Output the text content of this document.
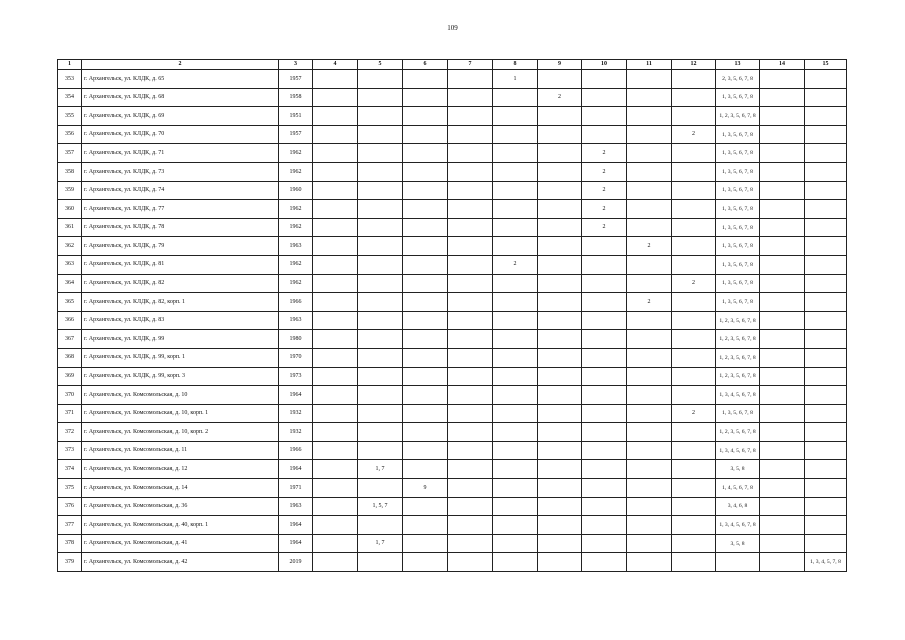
109
1	2	3	4	5	6	7	8	9	10	11	12	13	14	15
353	г. Архангельск, ул. КЛДК, д. 65	1957					1					2, 3, 5, 6, 7, 8		
354	г. Архангельск, ул. КЛДК, д. 68	1958						2				1, 3, 5, 6, 7, 8		
355	г. Архангельск, ул. КЛДК, д. 69	1951										1, 2, 3, 5, 6, 7, 8		
356	г. Архангельск, ул. КЛДК, д. 70	1957									2	1, 3, 5, 6, 7, 8		
357	г. Архангельск, ул. КЛДК, д. 71	1962							2			1, 3, 5, 6, 7, 8		
358	г. Архангельск, ул. КЛДК, д. 73	1962							2			1, 3, 5, 6, 7, 8		
359	г. Архангельск, ул. КЛДК, д. 74	1960							2			1, 3, 5, 6, 7, 8		
360	г. Архангельск, ул. КЛДК, д. 77	1962							2			1, 3, 5, 6, 7, 8		
361	г. Архангельск, ул. КЛДК, д. 78	1962							2			1, 3, 5, 6, 7, 8		
362	г. Архангельск, ул. КЛДК, д. 79	1963								2		1, 3, 5, 6, 7, 8		
363	г. Архангельск, ул. КЛДК, д. 81	1962					2					1, 3, 5, 6, 7, 8		
364	г. Архангельск, ул. КЛДК, д. 82	1962									2	1, 3, 5, 6, 7, 8		
365	г. Архангельск, ул. КЛДК, д. 82, корп. 1	1966								2		1, 3, 5, 6, 7, 8		
366	г. Архангельск, ул. КЛДК, д. 83	1963										1, 2, 3, 5, 6, 7, 8		
367	г. Архангельск, ул. КЛДК, д. 99	1980										1, 2, 3, 5, 6, 7, 8		
368	г. Архангельск, ул. КЛДК, д. 99, корп. 1	1970										1, 2, 3, 5, 6, 7, 8		
369	г. Архангельск, ул. КЛДК, д. 99, корп. 3	1973										1, 2, 3, 5, 6, 7, 8		
370	г. Архангельск, ул. Комсомольская, д. 10	1964										1, 3, 4, 5, 6, 7, 8		
371	г. Архангельск, ул. Комсомольская, д. 10, корп. 1	1932									2	1, 3, 5, 6, 7, 8		
372	г. Архангельск, ул. Комсомольская, д. 10, корп. 2	1932										1, 2, 3, 5, 6, 7, 8		
373	г. Архангельск, ул. Комсомольская, д. 11	1966										1, 3, 4, 5, 6, 7, 8		
374	г. Архангельск, ул. Комсомольская, д. 12	1964		1, 7								3, 5, 8		
375	г. Архангельск, ул. Комсомольская, д. 14	1971			9							1, 4, 5, 6, 7, 8		
376	г. Архангельск, ул. Комсомольская, д. 36	1963		1, 5, 7								3, 4, 6, 8		
377	г. Архангельск, ул. Комсомольская, д. 40, корп. 1	1964										1, 3, 4, 5, 6, 7, 8		
378	г. Архангельск, ул. Комсомольская, д. 41	1964		1, 7								3, 5, 8		
379	г. Архангельск, ул. Комсомольская, д. 42	2019												1, 3, 4, 5, 7, 8
